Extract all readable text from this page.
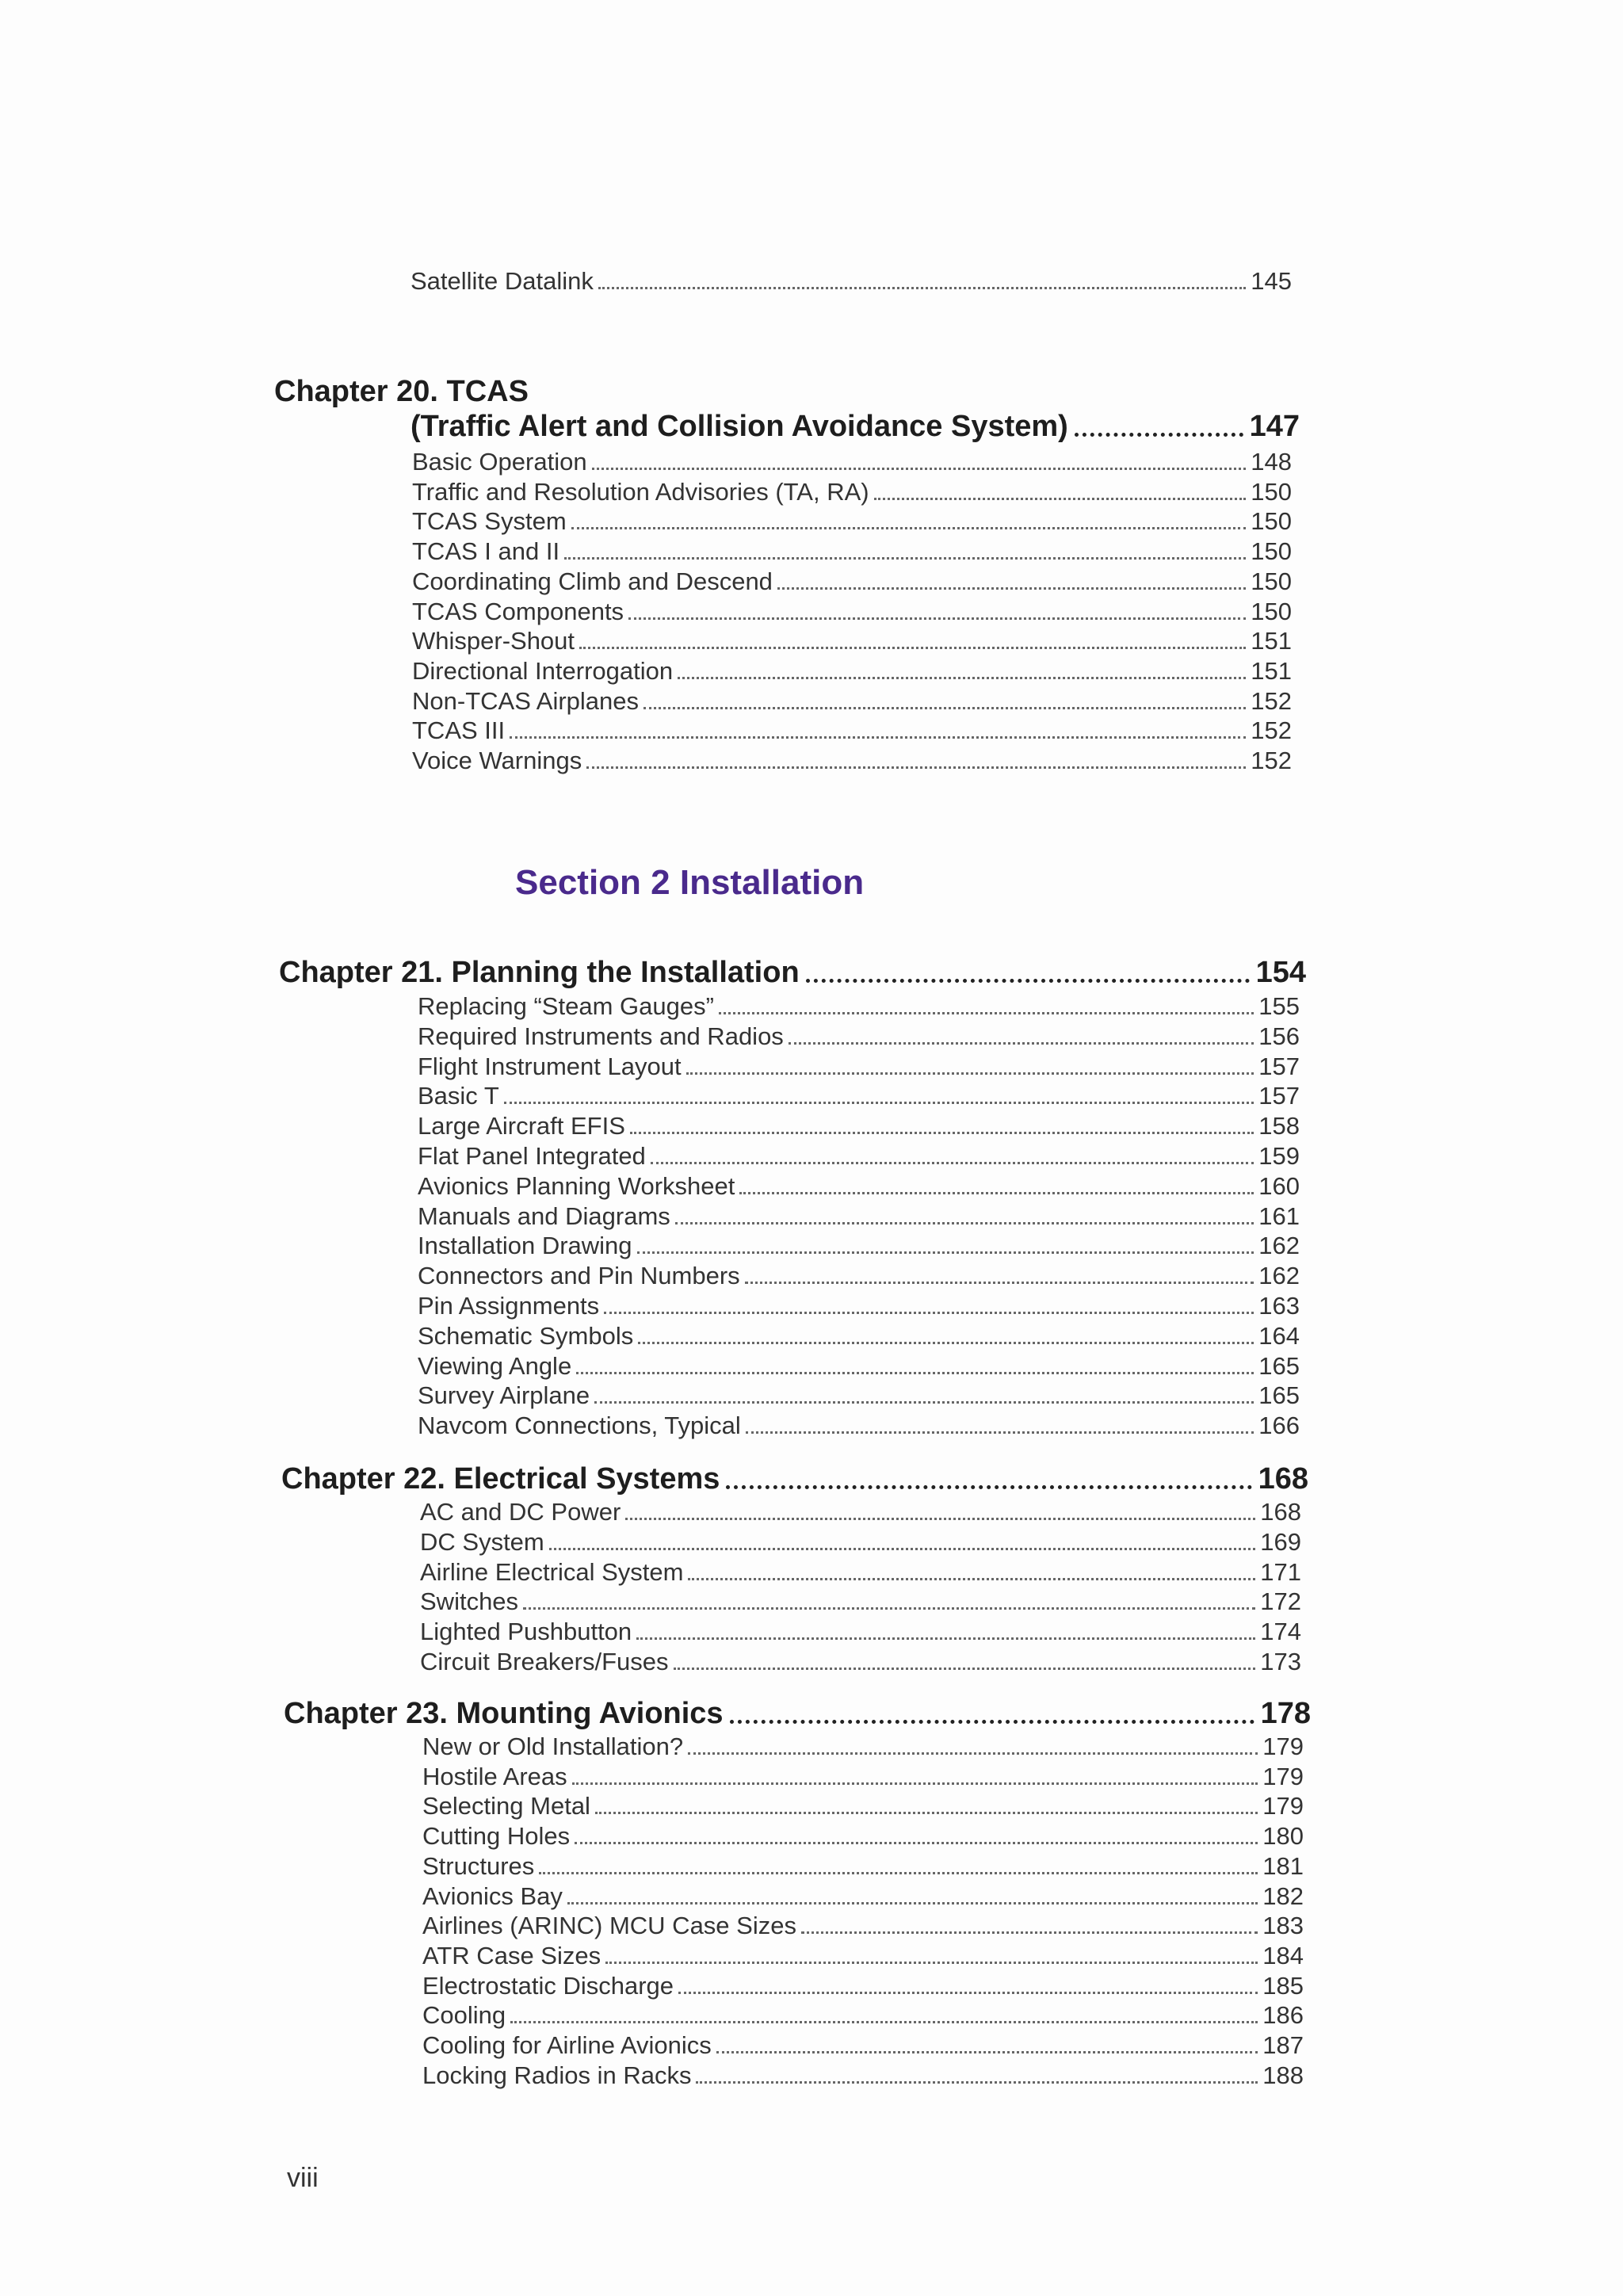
Satellite Datalink	145
Chapter 20. TCAS
(Traffic Alert and Collision Avoidance System)	147
Basic Operation	148
Traffic and Resolution Advisories (TA, RA)	150
TCAS System	150
TCAS I and II	150
Coordinating Climb and Descend	150
TCAS Components	150
Whisper-Shout	151
Directional Interrogation	151
Non-TCAS Airplanes	152
TCAS III	152
Voice Warnings	152
Section 2 Installation
Chapter 21. Planning the Installation	154
Replacing “Steam Gauges”	155
Required Instruments and Radios	156
Flight Instrument Layout	157
Basic T	157
Large Aircraft EFIS	158
Flat Panel Integrated	159
Avionics Planning Worksheet	160
Manuals and Diagrams	161
Installation Drawing	162
Connectors and Pin Numbers	162
Pin Assignments	163
Schematic Symbols	164
Viewing Angle	165
Survey Airplane	165
Navcom Connections, Typical	166
Chapter 22. Electrical Systems	168
AC and DC Power	168
DC System	169
Airline Electrical System	171
Switches	172
Lighted Pushbutton	174
Circuit Breakers/Fuses	173
Chapter 23. Mounting Avionics	178
New or Old Installation?	179
Hostile Areas	179
Selecting Metal	179
Cutting Holes	180
Structures	181
Avionics Bay	182
Airlines (ARINC) MCU Case Sizes	183
ATR Case Sizes	184
Electrostatic Discharge	185
Cooling	186
Cooling for Airline Avionics	187
Locking Radios in Racks	188
viii
